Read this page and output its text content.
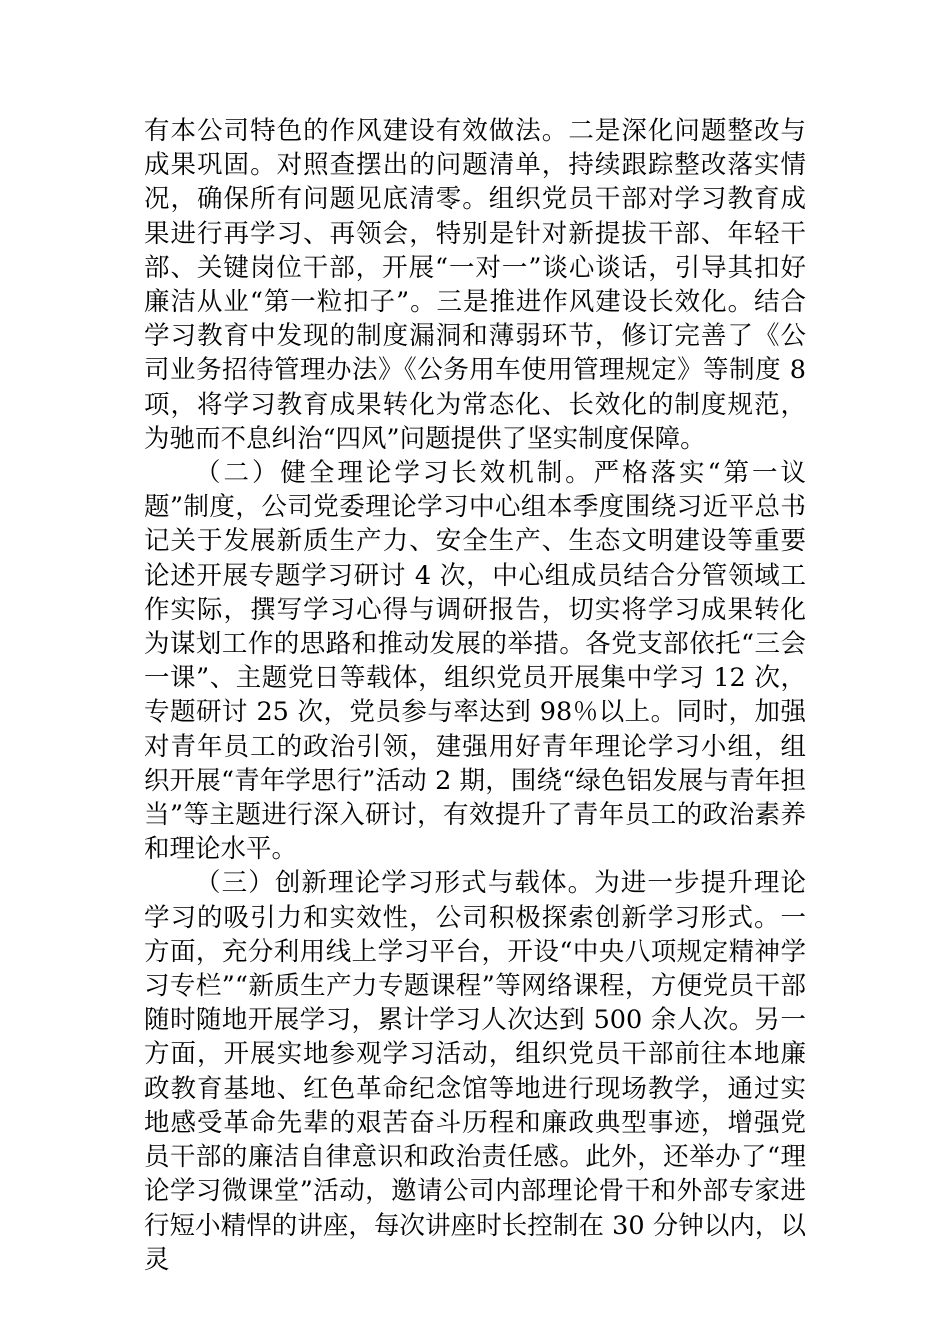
有本公司特色的作风建设有效做法。二是深化问题整改与成果巩固。对照查摆出的问题清单，持续跟踪整改落实情况，确保所有问题见底清零。组织党员干部对学习教育成果进行再学习、再领会，特别是针对新提拔干部、年轻干部、关键岗位干部，开展“一对一”谈心谈话，引导其扣好廉洁从业“第一粒扣子”。三是推进作风建设长效化。结合学习教育中发现的制度漏洞和薄弱环节，修订完善了《公司业务招待管理办法》《公务用车使用管理规定》等制度 8 项，将学习教育成果转化为常态化、长效化的制度规范，为驰而不息纠治“四风”问题提供了坚实制度保障。

（二）健全理论学习长效机制。严格落实“第一议题”制度，公司党委理论学习中心组本季度围绕习近平总书记关于发展新质生产力、安全生产、生态文明建设等重要论述开展专题学习研讨 4 次，中心组成员结合分管领域工作实际，撰写学习心得与调研报告，切实将学习成果转化为谋划工作的思路和推动发展的举措。各党支部依托“三会一课”、主题党日等载体，组织党员开展集中学习 12 次，专题研讨 25 次，党员参与率达到 98％以上。同时，加强对青年员工的政治引领，建强用好青年理论学习小组，组织开展“青年学思行”活动 2 期，围绕“绿色铝发展与青年担当”等主题进行深入研讨，有效提升了青年员工的政治素养和理论水平。

（三）创新理论学习形式与载体。为进一步提升理论学习的吸引力和实效性，公司积极探索创新学习形式。一方面，充分利用线上学习平台，开设“中央八项规定精神学习专栏”“新质生产力专题课程”等网络课程，方便党员干部随时随地开展学习，累计学习人次达到 500 余人次。另一方面，开展实地参观学习活动，组织党员干部前往本地廉政教育基地、红色革命纪念馆等地进行现场教学，通过实地感受革命先辈的艰苦奋斗历程和廉政典型事迹，增强党员干部的廉洁自律意识和政治责任感。此外，还举办了“理论学习微课堂”活动，邀请公司内部理论骨干和外部专家进行短小精悍的讲座，每次讲座时长控制在 30 分钟以内，以灵
